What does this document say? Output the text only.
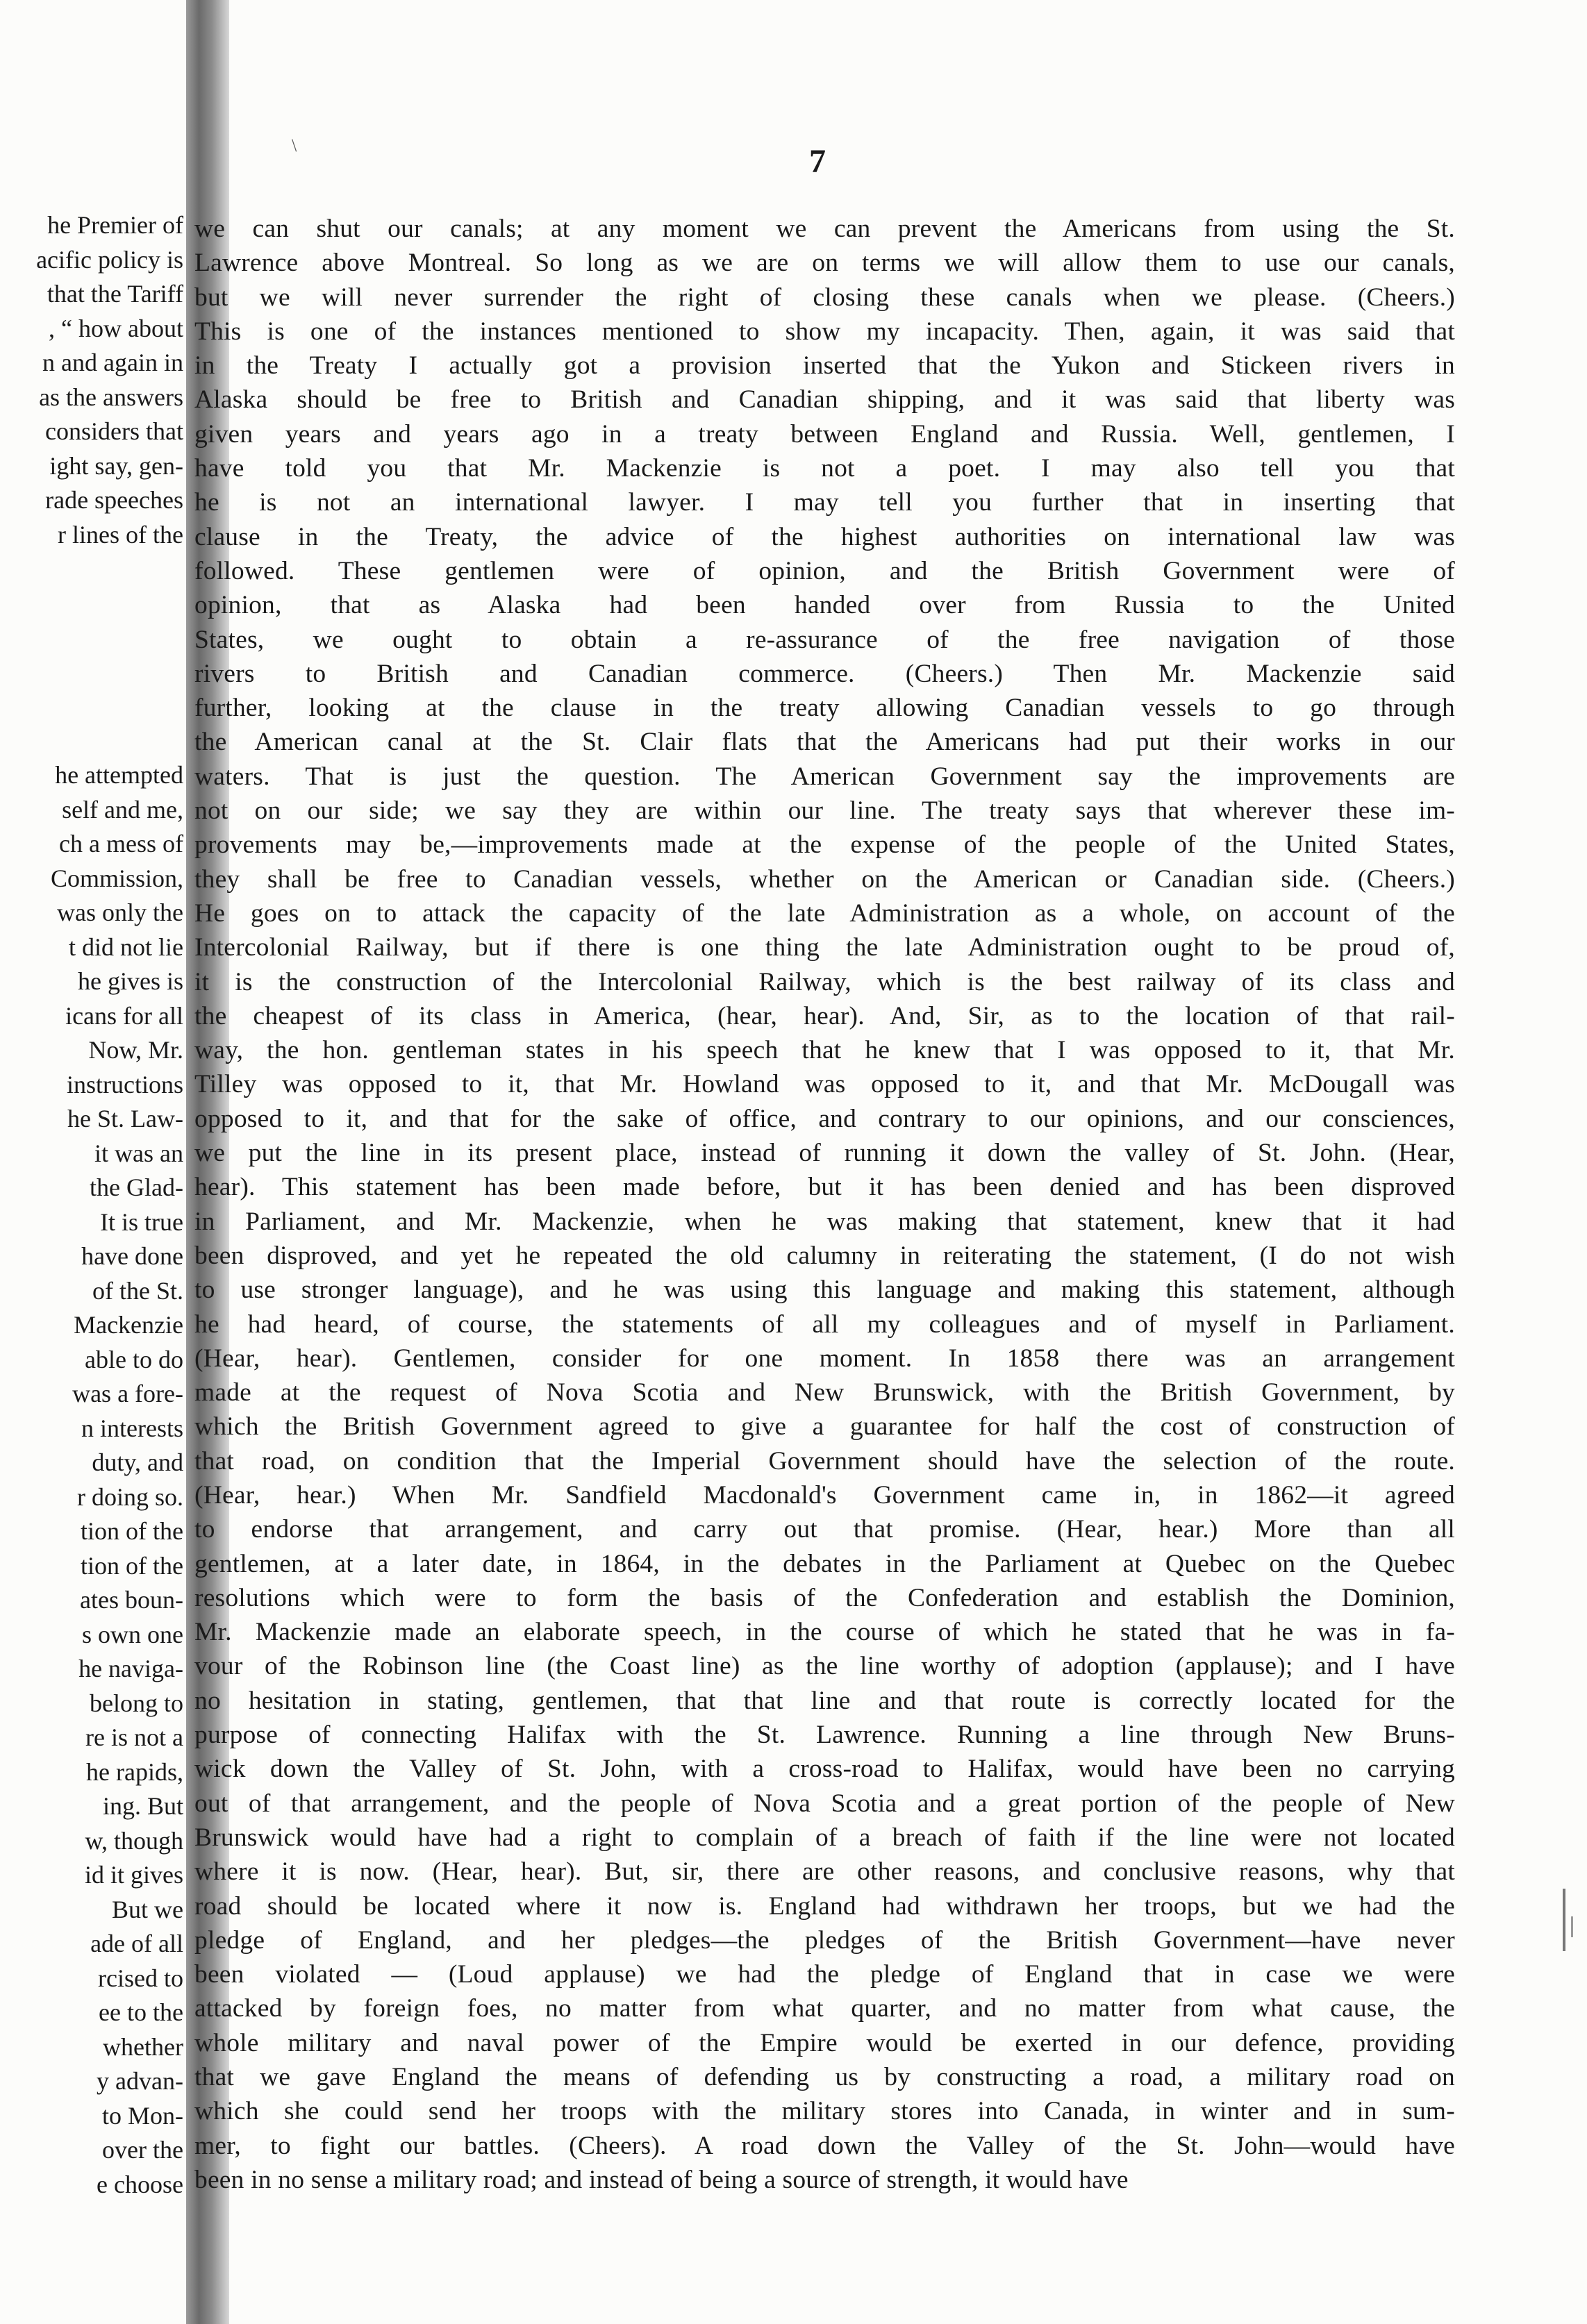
\	7
he Premier of
acific policy is
that the Tariff
, “ how about
n and again in
as the answers
considers that
ight say, gen-
rade speeches
r lines of the
he attempted
self and me,
ch a mess of
Commission,
was only the
t did not lie
he gives is
icans for all
Now, Mr.
instructions
he St. Law-
it was an
the Glad-
It is true
have done
of the St.
Mackenzie
able to do
was a fore-
n interests
duty, and
r doing so.
tion of the
tion of the
ates boun-
s own one
he naviga-
belong to
re is not a
he rapids,
ing. But
w, though
id it gives
But we
ade of all
rcised to
ee to the
whether
y advan-
to Mon-
over the
e choose
we can shut our canals; at any moment we can prevent the Americans from using the St.
Lawrence above Montreal. So long as we are on terms we will allow them to use our canals,
but we will never surrender the right of closing these canals when we please. (Cheers.)
This is one of the instances mentioned to show my incapacity. Then, again, it was said that
in the Treaty I actually got a provision inserted that the Yukon and Stickeen rivers in
Alaska should be free to British and Canadian shipping, and it was said that liberty was
given years and years ago in a treaty between England and Russia. Well, gentlemen, I
have told you that Mr. Mackenzie is not a poet. I may also tell you that
he is not an international lawyer. I may tell you further that in inserting that
clause in the Treaty, the advice of the highest authorities on international law was
followed. These gentlemen were of opinion, and the British Government were of
opinion, that as Alaska had been handed over from Russia to the United
States, we ought to obtain a re-assurance of the free navigation of those
rivers to British and Canadian commerce. (Cheers.) Then Mr. Mackenzie said
further, looking at the clause in the treaty allowing Canadian vessels to go through
the American canal at the St. Clair flats that the Americans had put their works in our
waters. That is just the question. The American Government say the improvements are
not on our side; we say they are within our line. The treaty says that wherever these im-
provements may be,—improvements made at the expense of the people of the United States,
they shall be free to Canadian vessels, whether on the American or Canadian side. (Cheers.)
He goes on to attack the capacity of the late Administration as a whole, on account of the
Intercolonial Railway, but if there is one thing the late Administration ought to be proud of,
it is the construction of the Intercolonial Railway, which is the best railway of its class and
the cheapest of its class in America, (hear, hear). And, Sir, as to the location of that rail-
way, the hon. gentleman states in his speech that he knew that I was opposed to it, that Mr.
Tilley was opposed to it, that Mr. Howland was opposed to it, and that Mr. McDougall was
opposed to it, and that for the sake of office, and contrary to our opinions, and our consciences,
we put the line in its present place, instead of running it down the valley of St. John. (Hear,
hear). This statement has been made before, but it has been denied and has been disproved
in Parliament, and Mr. Mackenzie, when he was making that statement, knew that it had
been disproved, and yet he repeated the old calumny in reiterating the statement, (I do not wish
to use stronger language), and he was using this language and making this statement, although
he had heard, of course, the statements of all my colleagues and of myself in Parliament.
(Hear, hear). Gentlemen, consider for one moment. In 1858 there was an arrangement
made at the request of Nova Scotia and New Brunswick, with the British Government, by
which the British Government agreed to give a guarantee for half the cost of construction of
that road, on condition that the Imperial Government should have the selection of the route.
(Hear, hear.) When Mr. Sandfield Macdonald's Government came in, in 1862—it agreed
to endorse that arrangement, and carry out that promise. (Hear, hear.) More than all
gentlemen, at a later date, in 1864, in the debates in the Parliament at Quebec on the Quebec
resolutions which were to form the basis of the Confederation and establish the Dominion,
Mr. Mackenzie made an elaborate speech, in the course of which he stated that he was in fa-
vour of the Robinson line (the Coast line) as the line worthy of adoption (applause); and I have
no hesitation in stating, gentlemen, that that line and that route is correctly located for the
purpose of connecting Halifax with the St. Lawrence. Running a line through New Bruns-
wick down the Valley of St. John, with a cross-road to Halifax, would have been no carrying
out of that arrangement, and the people of Nova Scotia and a great portion of the people of New
Brunswick would have had a right to complain of a breach of faith if the line were not located
where it is now. (Hear, hear). But, sir, there are other reasons, and conclusive reasons, why that
road should be located where it now is. England had withdrawn her troops, but we had the
pledge of England, and her pledges—the pledges of the British Government—have never
been violated — (Loud applause) we had the pledge of England that in case we were
attacked by foreign foes, no matter from what quarter, and no matter from what cause, the
whole military and naval power of the Empire would be exerted in our defence, providing
that we gave England the means of defending us by constructing a road, a military road on
which she could send her troops with the military stores into Canada, in winter and in sum-
mer, to fight our battles. (Cheers). A road down the Valley of the St. John—would have
been in no sense a military road; and instead of being a source of strength, it would have
